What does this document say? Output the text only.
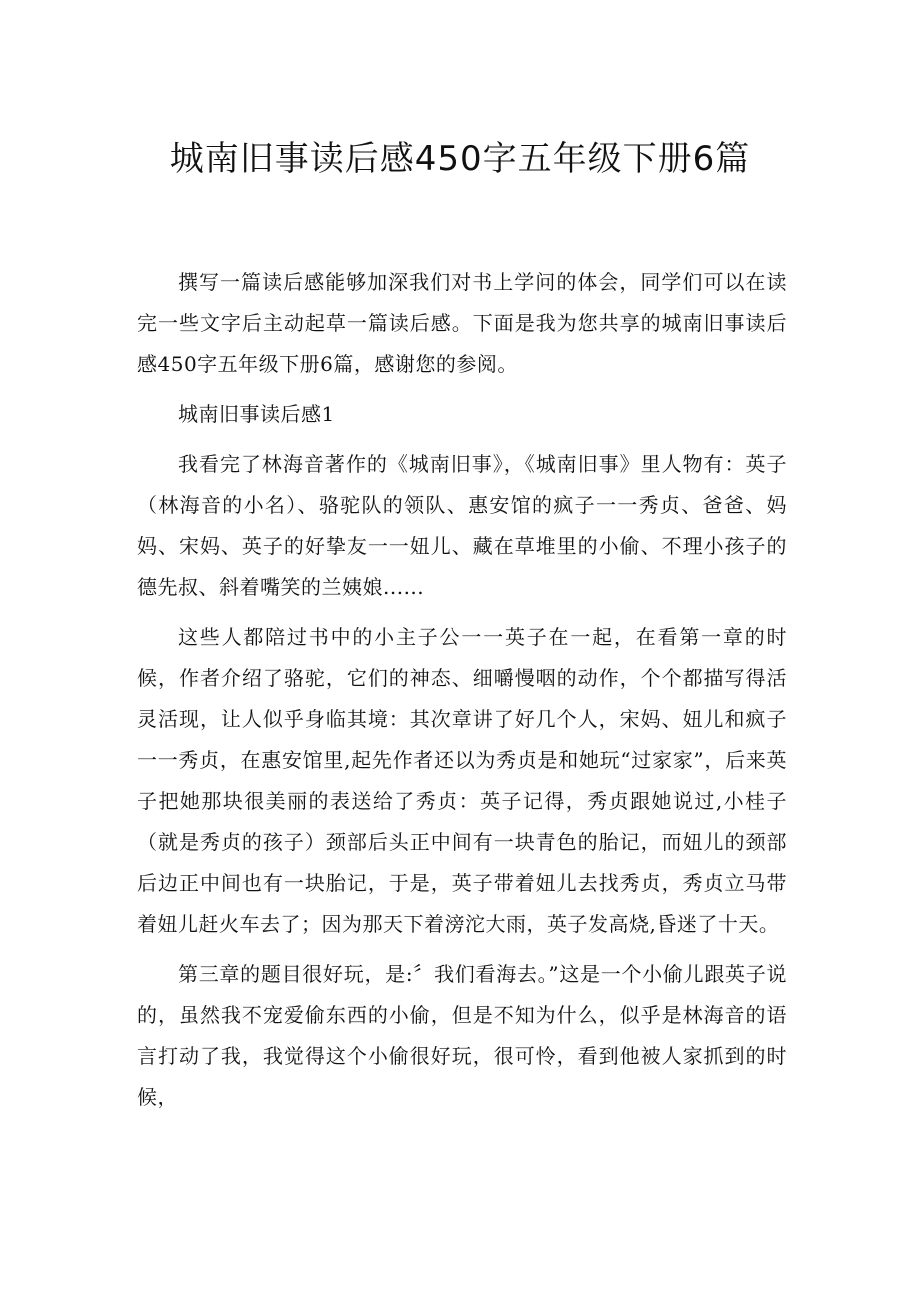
城南旧事读后感450字五年级下册6篇

撰写一篇读后感能够加深我们对书上学问的体会，同学们可以在读完一些文字后主动起草一篇读后感。下面是我为您共享的城南旧事读后感450字五年级下册6篇，感谢您的参阅。

城南旧事读后感1

我看完了林海音著作的《城南旧事》，《城南旧事》里人物有：英子（林海音的小名）、骆驼队的领队、惠安馆的疯子一一秀贞、爸爸、妈妈、宋妈、英子的好挚友一一妞儿、藏在草堆里的小偷、不理小孩子的德先叔、斜着嘴笑的兰姨娘......

这些人都陪过书中的小主子公一一英子在一起，在看第一章的时候，作者介绍了骆驼，它们的神态、细嚼慢咽的动作，个个都描写得活灵活现，让人似乎身临其境：其次章讲了好几个人，宋妈、妞儿和疯子一一秀贞，在惠安馆里,起先作者还以为秀贞是和她玩“过家家”，后来英子把她那块很美丽的表送给了秀贞：英子记得，秀贞跟她说过,小桂子（就是秀贞的孩子）颈部后头正中间有一块青色的胎记，而妞儿的颈部后边正中间也有一块胎记，于是，英子带着妞儿去找秀贞，秀贞立马带着妞儿赶火车去了；因为那天下着滂沱大雨，英子发高烧,昏迷了十天。

第三章的题目很好玩，是:〞我们看海去。”这是一个小偷儿跟英子说的，虽然我不宠爱偷东西的小偷，但是不知为什么，似乎是林海音的语言打动了我，我觉得这个小偷很好玩，很可怜，看到他被人家抓到的时候，
